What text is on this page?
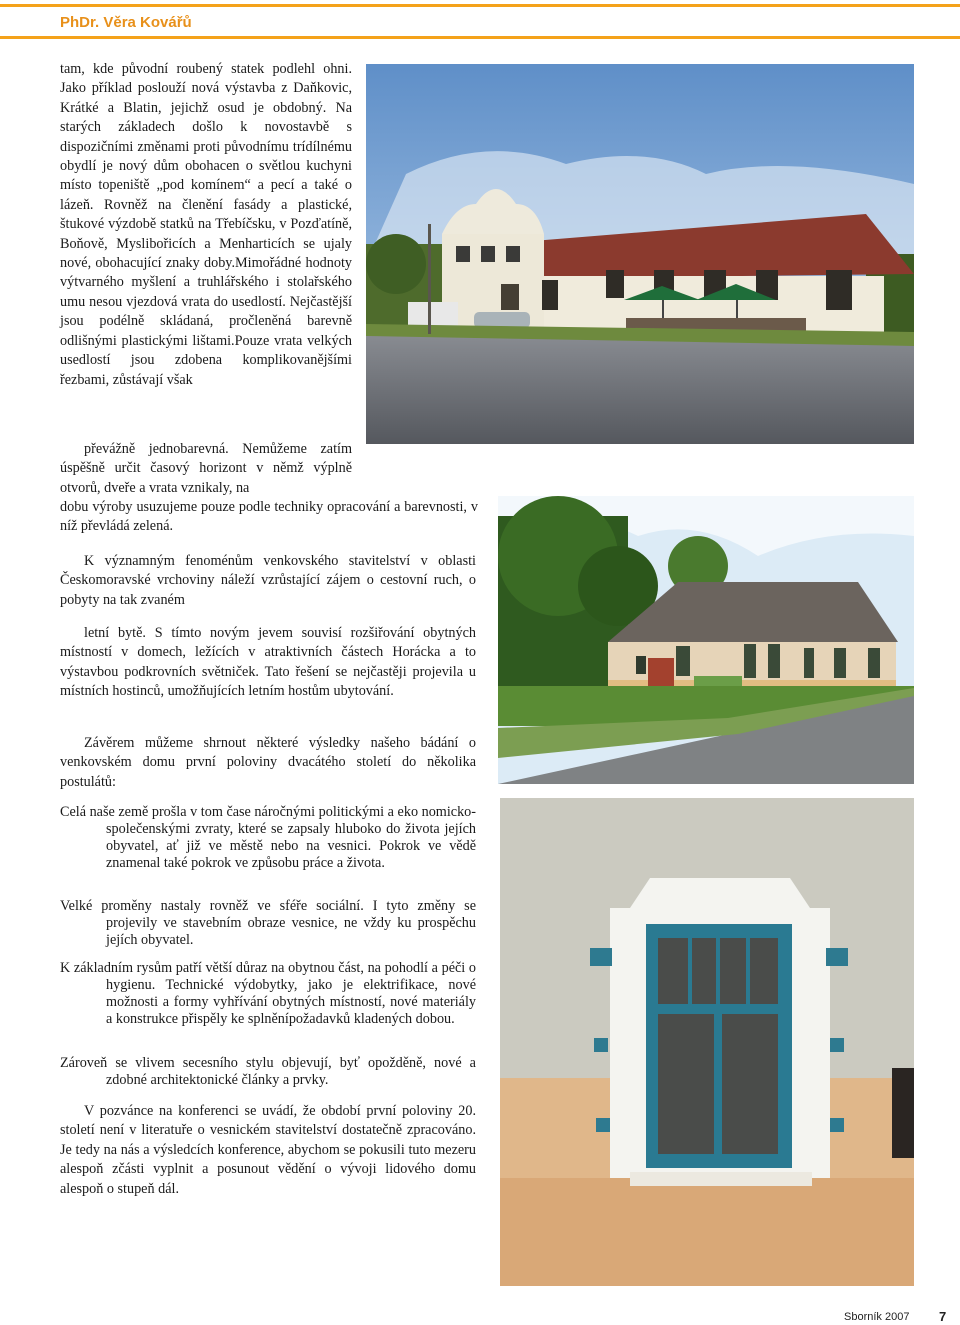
PhDr. Věra Kovářů
tam, kde původní roubený statek podlehl ohni. Jako příklad poslouží nová výstavba z Daňkovic, Krátké a Blatin, jejichž osud je obdobný. Na starých základech došlo k novostavbě s dispozičními změnami proti původnímu trídílnému obydlí je nový dům obohacen o světlou kuchyni místo topeniště „pod komínem“ a pecí a také o lázeň. Rovněž na členění fasády a plastické, štukové výzdobě statků na Třebíčsku, v Pozďatíně, Boňově, Myslibořicích a Menharticích se ujaly nové, obohacující znaky doby.Mimořádné hodnoty výtvarného myšlení a truhlářského i stolařského umu nesou vjezdová vrata do usedlostí. Nejčastější jsou podélně skládaná, pročleněná barevně odlišnými plastickými lištami.Pouze vrata velkých usedlostí jsou zdobena komplikovanějšími řezbami, zůstávají však
převážně jednobarevná. Nemůžeme zatím úspěšně určit časový horizont v němž výplně otvorů, dveře a vrata vznikaly, na
dobu výroby usuzujeme pouze podle techniky opracování a barevnosti, v níž převládá zelená.
K významným fenoménům venkovského stavitelství v oblasti Českomoravské vrchoviny náleží vzrůstající zájem o cestovní ruch, o pobyty na tak zvaném
letní bytě. S tímto novým jevem souvisí rozšiřování obytných místností v domech, ležících v atraktivních částech Horácka a to výstavbou podkrovních světniček. Tato řešení se nejčastěji projevila u místních hostinců, umožňujících letním hostům ubytování.
Závěrem můžeme shrnout některé výsledky našeho bádání o venkovském domu první poloviny dvacátého století do několika postulátů:
Celá naše země prošla v tom čase náročnými politickými a eko nomicko-společenskými zvraty, které se zapsaly hluboko do života jejích obyvatel, ať již ve městě nebo na vesnici. Pokrok ve vědě znamenal také pokrok ve způsobu práce a života.
Velké proměny nastaly rovněž ve sféře sociální. I tyto změny se projevily ve stavebním obraze vesnice, ne vždy ku prospěchu jejích obyvatel.
K základním rysům patří větší důraz na obytnou část, na pohodlí a péči o hygienu. Technické výdobytky, jako je elektrifikace, nové možnosti a formy vyhřívání obytných místností, nové materiály a konstrukce přispěly ke splněnípožadavků kladených dobou.
Zároveň se vlivem secesního stylu objevují, byť opožděně, nové a zdobné architektonické články a prvky.
V pozvánce na konferenci se uvádí, že období první poloviny 20. století není v literatuře o vesnickém stavitelství dostatečně zpracováno. Je tedy na nás a výsledcích konference, abychom se pokusili tuto mezeru alespoň zčásti vyplnit a posunout vědění o vývoji lidového domu alespoň o stupeň dál.
Sborník 2007 7
